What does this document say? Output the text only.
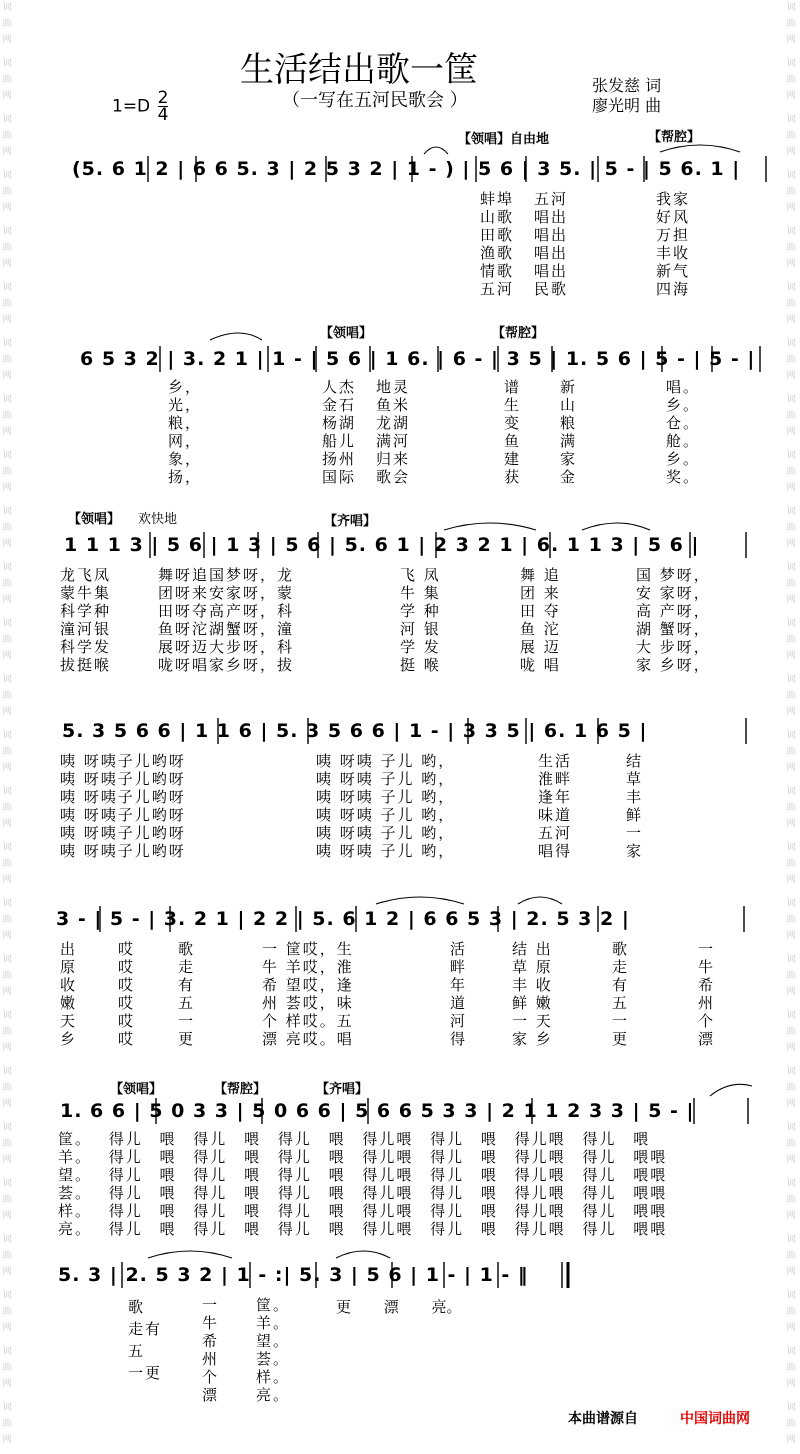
词
曲
网
词
曲
网
词
曲
网
词
曲
网
词
曲
网
词
曲
网
词
曲
网
词
曲
网
词
曲
网
词
曲
网
词
曲
网
词
曲
网
词
曲
网
词
曲
网
词
曲
网
词
曲
网
词
曲
网
词
曲
网
词
曲
网
词
曲
网
词
曲
网
词
曲
网
词
曲
网
词
曲
网
词
曲
网
词
曲
网
词
曲
网
词
曲
网
词
曲
网
词
曲
网
词
曲
网
词
曲
网
词
曲
网
词
曲
网
词
曲
网
词
曲
网
词
曲
网
词
曲
网
词
曲
网
词
曲
网
词
曲
网
词
曲
网
词
曲
网
词
曲
网
词
曲
网
词
曲
网
词
曲
网
词
曲
网
词
曲
网
词
曲
网
词
曲
网
词
曲
网
生活结出歌一筐
（一写在五河民歌会 ）
$1=D \frac{2}{4}$
张发慈 词
廖光明 曲
【领唱】自由地	【帮腔】
(5. 6 1 2 | 6 6 5. 3 | 2 5 3 2 | 1 - ) | 5 6 | 3 5. | 5 - | 5 6. 1 |
蚌埠
山歌
田歌
渔歌
情歌
五河
五河
唱出
唱出
唱出
唱出
民歌
我家
好风
万担
丰收
新气
四海
【领唱】	【帮腔】
6 5 3 2 | 3. 2 1 | 1 - | 5 6 | 1 6. | 6 - | 3 5 | 1. 5 6 | 5 - | 5 - |
乡，
光，
粮，
网，
象，
扬，
人杰
金石
杨湖
船儿
扬州
国际
地灵
鱼米
龙湖
满河
归来
歌会
谱
生
变
鱼
建
获
新
山
粮
满
家
金
唱。
乡。
仓。
舱。
乡。
奖。
【领唱】 欢快地	【齐唱】
1 1 1 3 | 5 6 | 1 3 | 5 6 | 5. 6 1 | 2 3 2 1 | 6. 1 1 3 | 5 6 |
龙飞凤
蒙牛集
科学种
潼河银
科学发
拔挺喉
舞呀追国梦呀，龙
团呀来安家呀，蒙
田呀夺高产呀，科
鱼呀沱湖蟹呀，潼
展呀迈大步呀，科
咙呀唱家乡呀，拔
飞 凤
牛 集
学 种
河 银
学 发
挺 喉
舞 追
团 来
田 夺
鱼 沱
展 迈
咙 唱
国 梦呀，
安 家呀，
高 产呀，
湖 蟹呀，
大 步呀，
家 乡呀，
5. 3 5 6 6 | 1 1 6 | 5. 3 5 6 6 | 1 - | 3 3 5 | 6. 1 6 5 |
咦 呀咦子儿哟呀
咦 呀咦子儿哟呀
咦 呀咦子儿哟呀
咦 呀咦子儿哟呀
咦 呀咦子儿哟呀
咦 呀咦子儿哟呀
咦 呀咦 子儿 哟，
咦 呀咦 子儿 哟，
咦 呀咦 子儿 哟，
咦 呀咦 子儿 哟，
咦 呀咦 子儿 哟，
咦 呀咦 子儿 哟，
生活
淮畔
逢年
味道
五河
唱得
结
草
丰
鲜
一
家
3 - | 5 - | 3. 2 1 | 2 2 | 5. 6 1 2 | 6 6 5 3 | 2. 5 3 2 |
出
原
收
嫩
天
乡
哎
哎
哎
哎
哎
哎
歌
走
有
五
一
更
一 筐哎，生
牛 羊哎，淮
希 望哎，逢
州 荟哎，味
个 样哎。五
漂 亮哎。唱
活
畔
年
道
河
得
结 出
草 原
丰 收
鲜 嫩
一 天
家 乡
歌
走
有
五
一
更
一
牛
希
州
个
漂
【领唱】	【帮腔】	【齐唱】
1. 6 6 | 5 0 3 3 | 5 0 6 6 | 5 6 6 5 3 3 | 2 1 1 2 3 3 | 5 - |
筐。 得儿 喂 得儿 喂 得儿 喂 得儿喂 得儿 喂 得儿喂 得儿 喂
羊。 得儿 喂 得儿 喂 得儿 喂 得儿喂 得儿 喂 得儿喂 得儿 喂喂
望。 得儿 喂 得儿 喂 得儿 喂 得儿喂 得儿 喂 得儿喂 得儿 喂喂
荟。 得儿 喂 得儿 喂 得儿 喂 得儿喂 得儿 喂 得儿喂 得儿 喂喂
样。 得儿 喂 得儿 喂 得儿 喂 得儿喂 得儿 喂 得儿喂 得儿 喂喂
亮。 得儿 喂 得儿 喂 得儿 喂 得儿喂 得儿 喂 得儿喂 得儿 喂喂
5. 3 | 2. 5 3 2 | 1 - :| 5. 3 | 5 6 | 1 - | 1 - ‖
歌
走有
五
一更
一
牛
希
州
个
漂
筐。
羊。
望。
荟。
样。
亮。
更 漂 亮。
本曲谱源自	中国词曲网
